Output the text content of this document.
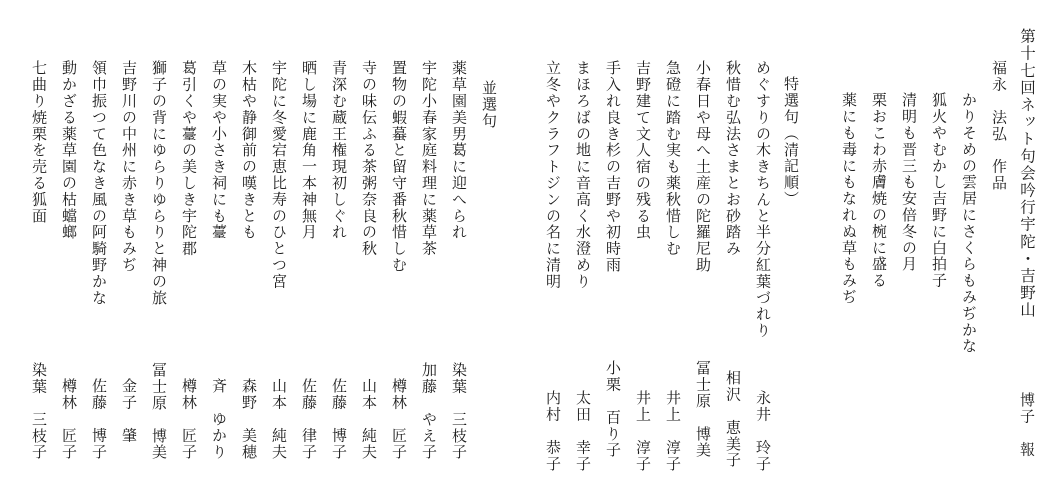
第十七回ネット句会吟行宇陀・吉野山
博子　報
福永　法弘　作品
かりそめの雲居にさくらもみぢかな
狐火やむかし吉野に白拍子
清明も晋三も安倍冬の月
栗おこわ赤膚焼の椀に盛る
薬にも毒にもなれぬ草もみぢ
特選句（清記順）
めぐすりの木きちんと半分紅葉づれり
永井　玲子
秋惜む弘法さまとお砂踏み
相沢　恵美子
小春日や母へ土産の陀羅尼助
冨士原　博美
急磴に踏む実も薬秋惜しむ
井上　淳子
吉野建て文人宿の残る虫
井上　淳子
手入れ良き杉の吉野や初時雨
小栗　百り子
まほろばの地に音高く水澄めり
太田　幸子
立冬やクラフトジンの名に清明
内村　恭子
並選句
薬草園美男葛に迎へられ
染葉　三枝子
宇陀小春家庭料理に薬草茶
加藤　やえ子
置物の蝦蟇と留守番秋惜しむ
樽林　匠子
寺の味伝ふる茶粥奈良の秋
山本　純夫
青深む蔵王権現初しぐれ
佐藤　博子
晒し場に鹿角一本神無月
佐藤　律子
宇陀に冬愛宕恵比寿のひとつ宮
山本　純夫
木枯や静御前の嘆きとも
森野　美穂
草の実や小さき祠にも薹
斉　ゆかり
葛引くや薹の美しき宇陀郡
樽林　匠子
獅子の背にゆらりゆらりと神の旅
冨士原　博美
吉野川の中州に赤き草もみぢ
金子　肇
領巾振つて色なき風の阿騎野かな
佐藤　博子
動かざる薬草園の枯蟷螂
樽林　匠子
七曲り焼栗を売る狐面
染葉　三枝子
